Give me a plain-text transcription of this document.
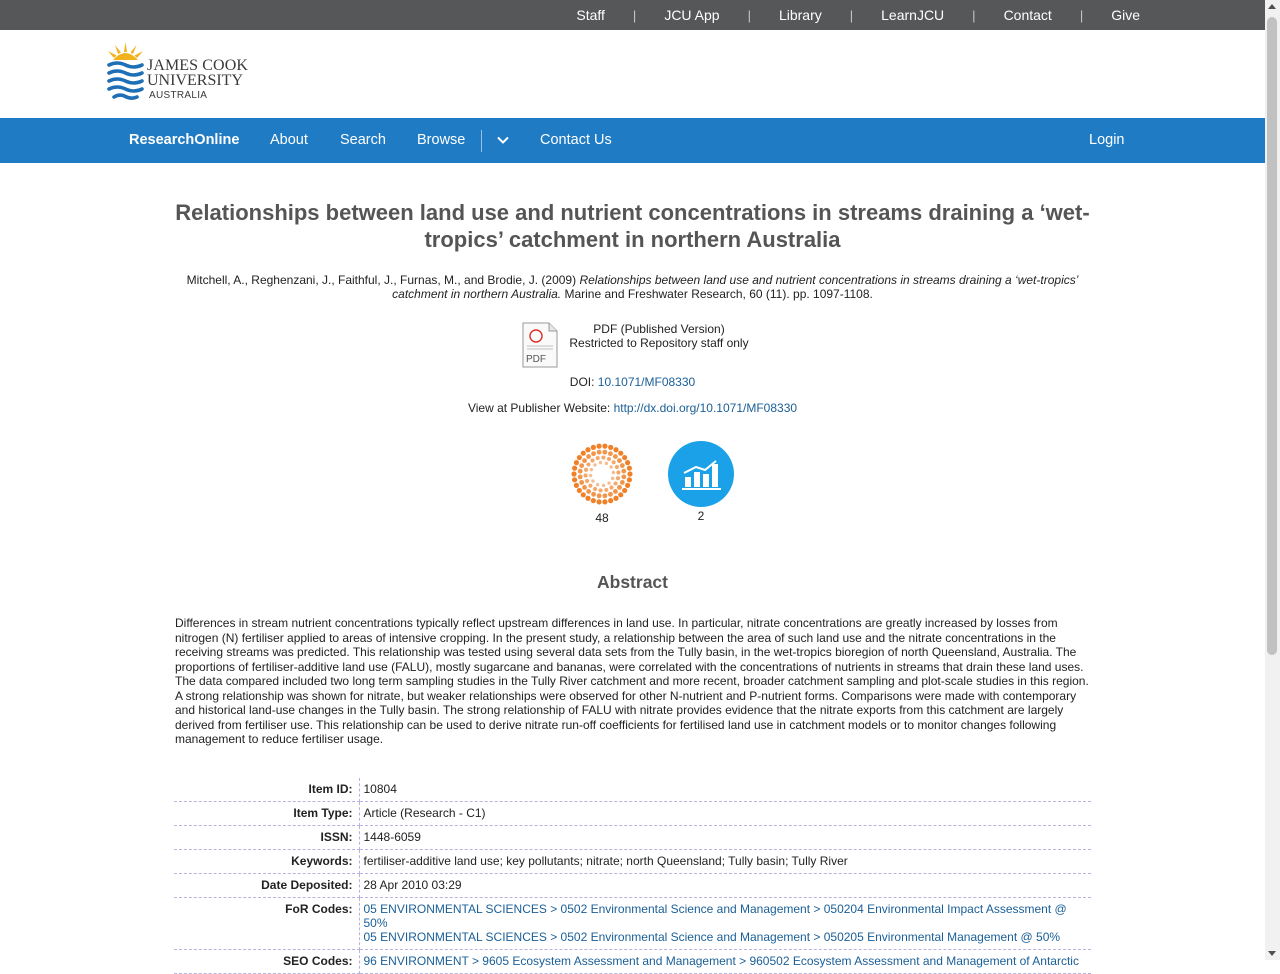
Staff	|	JCU App	|	Library	|	LearnJCU	|	Contact	|	Give
JAMES COOK
UNIVERSITY
AUSTRALIA
ResearchOnline About Search Browse	Contact Us	Login
Relationships between land use and nutrient concentrations in streams draining a ‘wet-tropics’ catchment in northern Australia

Mitchell, A., Reghenzani, J., Faithful, J., Furnas, M., and Brodie, J. (2009) Relationships between land use and nutrient concentrations in streams draining a ‘wet-tropics’ catchment in northern Australia. Marine and Freshwater Research, 60 (11). pp. 1097-1108.

PDF
PDF (Published Version)
Restricted to Repository staff only
DOI: 10.1071/MF08330
View at Publisher Website: http://dx.doi.org/10.1071/MF08330
48	2
Abstract

Differences in stream nutrient concentrations typically reflect upstream differences in land use. In particular, nitrate concentrations are greatly increased by losses from nitrogen (N) fertiliser applied to areas of intensive cropping. In the present study, a relationship between the area of such land use and the nitrate concentrations in the receiving streams was predicted. This relationship was tested using several data sets from the Tully basin, in the wet-tropics bioregion of north Queensland, Australia. The proportions of fertiliser-additive land use (FALU), mostly sugarcane and bananas, were correlated with the concentrations of nutrients in streams that drain these land uses. The data compared included two long term sampling studies in the Tully River catchment and more recent, broader catchment sampling and plot-scale studies in this region. A strong relationship was shown for nitrate, but weaker relationships were observed for other N-nutrient and P-nutrient forms. Comparisons were made with contemporary and historical land-use changes in the Tully basin. The strong relationship of FALU with nitrate provides evidence that the nitrate exports from this catchment are largely derived from fertiliser use. This relationship can be used to derive nitrate run-off coefficients for fertilised land use in catchment models or to monitor changes following management to reduce fertiliser usage.

Item ID:	10804
Item Type:	Article (Research - C1)
ISSN:	1448-6059
Keywords:	fertiliser-additive land use; key pollutants; nitrate; north Queensland; Tully basin; Tully River
Date Deposited:	28 Apr 2010 03:29
FoR Codes:	05 ENVIRONMENTAL SCIENCES > 0502 Environmental Science and Management > 050204 Environmental Impact Assessment @ 50%
05 ENVIRONMENTAL SCIENCES > 0502 Environmental Science and Management > 050205 Environmental Management @ 50%

SEO Codes:	96 ENVIRONMENT > 9605 Ecosystem Assessment and Management > 960502 Ecosystem Assessment and Management of Antarctic
